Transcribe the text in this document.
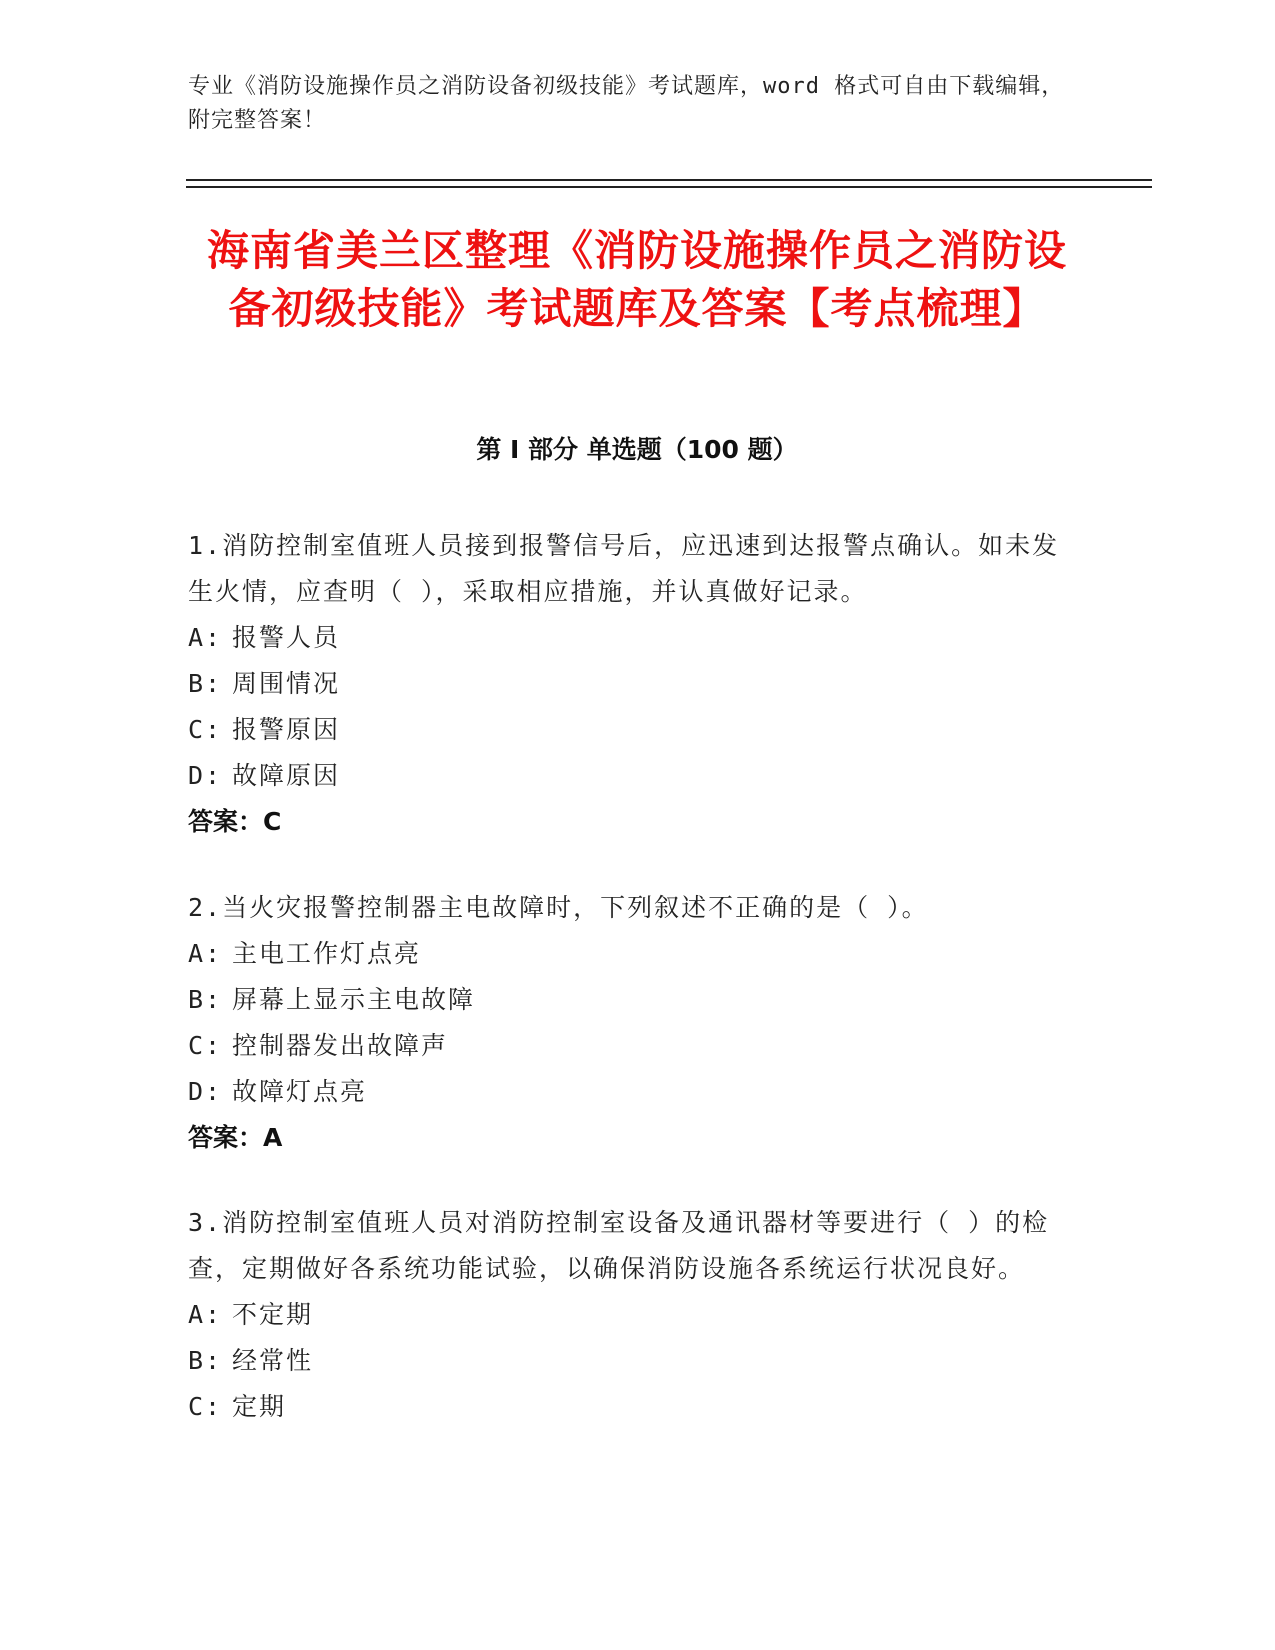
专业《消防设施操作员之消防设备初级技能》考试题库，word 格式可自由下载编辑，附完整答案！
海南省美兰区整理《消防设施操作员之消防设备初级技能》考试题库及答案【考点梳理】
第 I 部分 单选题（100 题）

1.消防控制室值班人员接到报警信号后，应迅速到达报警点确认。如未发生火情，应查明（ ），采取相应措施，并认真做好记录。

A: 报警人员

B: 周围情况

C: 报警原因

D: 故障原因

答案：C

2.当火灾报警控制器主电故障时，下列叙述不正确的是（ ）。

A: 主电工作灯点亮

B: 屏幕上显示主电故障

C: 控制器发出故障声

D: 故障灯点亮

答案：A

3.消防控制室值班人员对消防控制室设备及通讯器材等要进行（ ）的检查，定期做好各系统功能试验，以确保消防设施各系统运行状况良好。

A: 不定期

B: 经常性

C: 定期
